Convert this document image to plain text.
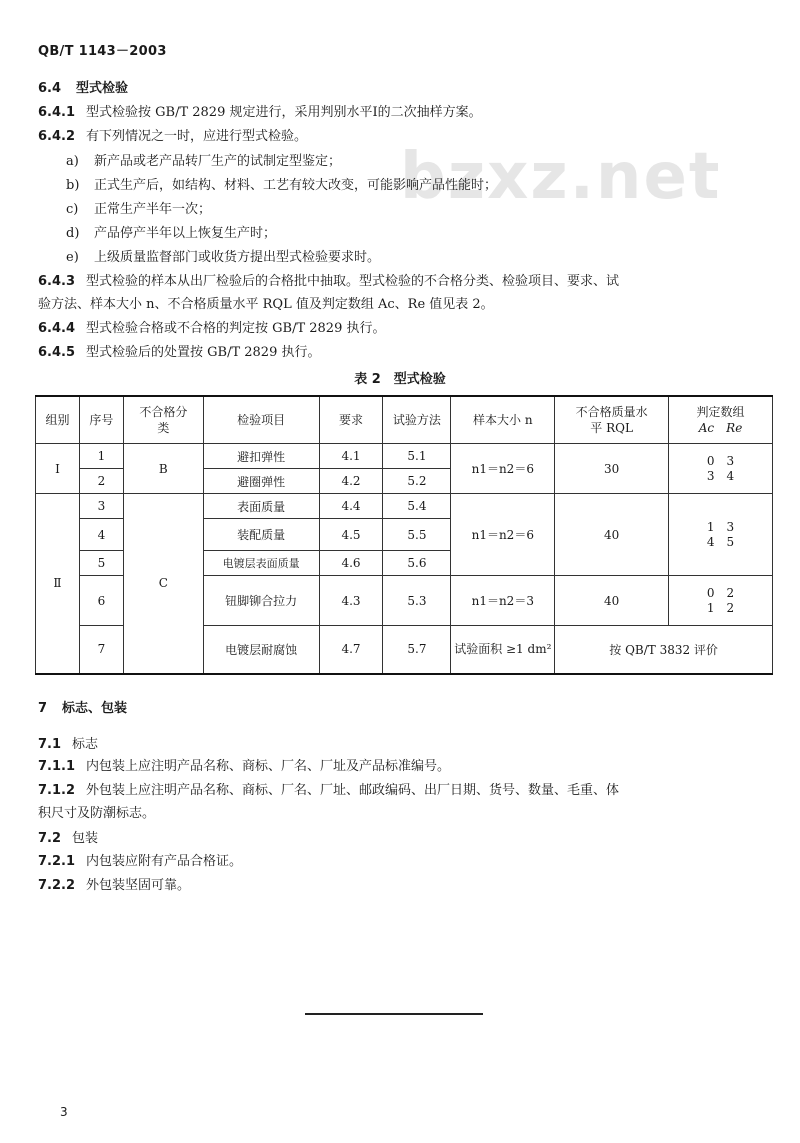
QB/T 1143－2003
bzxz.net
6.4 型式检验
6.4.1 型式检验按 GB/T 2829 规定进行，采用判别水平Ⅰ的二次抽样方案。
6.4.2 有下列情况之一时，应进行型式检验。
a) 新产品或老产品转厂生产的试制定型鉴定；
b) 正式生产后，如结构、材料、工艺有较大改变，可能影响产品性能时；
c) 正常生产半年一次；
d) 产品停产半年以上恢复生产时；
e) 上级质量监督部门或收货方提出型式检验要求时。
6.4.3 型式检验的样本从出厂检验后的合格批中抽取。型式检验的不合格分类、检验项目、要求、试
验方法、样本大小 n、不合格质量水平 RQL 值及判定数组 Ac、Re 值见表 2。
6.4.4 型式检验合格或不合格的判定按 GB/T 2829 执行。
6.4.5 型式检验后的处置按 GB/T 2829 执行。
表 2　型式检验
组别	序号	不合格分类	检验项目	要求	试验方法	样本大小 n	不合格质量水平 RQL	判定数组
Ac　Re

Ⅰ	1	B	避扣弹性	4.1	5.1	n1＝n2＝6	30	0　3
3　4

	2		避圈弹性	4.2	5.2			
Ⅱ	3	C	表面质量	4.4	5.4	n1＝n2＝6	40	1　3
4　5

	4		装配质量	4.5	5.5			
	5		电镀层表面质量	4.6	5.6			
	6		钮脚铆合拉力	4.3	5.3	n1＝n2＝3	40	0　2
1　2

	7		电镀层耐腐蚀	4.7	5.7	试验面积 ≥1 dm²	按 QB/T 3832 评价	
7 标志、包装
7.1 标志
7.1.1 内包装上应注明产品名称、商标、厂名、厂址及产品标准编号。
7.1.2 外包装上应注明产品名称、商标、厂名、厂址、邮政编码、出厂日期、货号、数量、毛重、体
积尺寸及防潮标志。
7.2 包装
7.2.1 内包装应附有产品合格证。
7.2.2 外包装坚固可靠。
3
